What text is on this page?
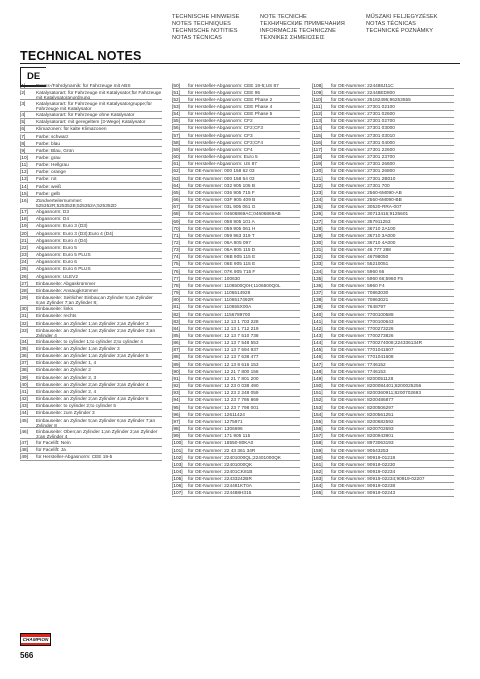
TECHNICAL NOTES
TECHNISCHE HINWEISE
NOTES TECHNIQUES
TECHNISCHE NOTITIES
NOTAS TÉCNICAS
NOTE TECNICHE
ТЕХНИЧЕСКИЕ ПРИМЕЧАНИЯ
INFORMACJE TECHNICZNE
ΤΕΧΝΙΚΕΣ ΣΗΜΕΙΩΣΕΙΣ
MŰSZAKI FELJEGYZÉSEK
NOTAS TÉCNICAS
TECHNICKÉ POZNÁMKY
DE
[1]	Brems-/Fahrdynamik: für Fahrzeuge mit ABS
[2]	Katalysatorart: für Fahrzeuge mit Katalysator;für Fahrzeuge mit Katalysatoranordnung
[3]	Katalysatorart: für Fahrzeuge mit Katalysatorgruppe;für Fahrzeuge mit Katalysator
[4]	Katalysatorart: für Fahrzeuge ohne Katalysator
[5]	Katalysatorart: mit geregeltem (3-Wege) Katalysator
[6]	Klimazonen: für kalte Klimazonen
[7]	Farbe: schwarz
[8]	Farbe: blau
[9]	Farbe: Blau, Grün
[10]	Farbe: grau
[11]	Farbe: Hellgrau
[12]	Farbe: orange
[13]	Farbe: rot
[14]	Farbe: weiß
[15]	Farbe: gelb
[16]	Zündverteilernummer: 525352R;525352B;525352A;525352D
[17]	Abgasnorm: D3
[18]	Abgasnorm: D4
[19]	Abgasnorm: Euro 3 (D3)
[20]	Abgasnorm: Euro 3 (D3);Euro 4 (D4)
[21]	Abgasnorm: Euro 4 (D4)
[22]	Abgasnorm: Euro 5
[23]	Abgasnorm: Euro 5 PLUS
[24]	Abgasnorm: Euro 6
[25]	Abgasnorm: Euro 6 PLUS
[26]	Abgasnorm: ULEV2
[27]	Einbauseite: Abgaskrümmer
[28]	Einbauseite: Ansaugkrümmer
[29]	Einbauseite: Seitlicher Einbau;an Zylinder 5;an Zylinder 6;an Zylinder 7;an Zylinder 8;
[30]	Einbauseite: links
[31]	Einbauseite: rechts
[32]	Einbauseite: an Zylinder 1;an Zylinder 2;an Zylinder 3
[33]	Einbauseite: an Zylinder 1;an Zylinder 2;an Zylinder 3;an Zylinder 4
[34]	Einbauseite: to cylinder 1;to cylinder 2;to cylinder 4
[35]	Einbauseite: an Zylinder 1;an Zylinder 3
[36]	Einbauseite: an Zylinder 1;an Zylinder 3;an Zylinder 5
[37]	Einbauseite: an Zylinder 1, 4
[38]	Einbauseite: an Zylinder 2
[39]	Einbauseite: an Zylinder 2, 3
[40]	Einbauseite: an Zylinder 2;an Zylinder 3;an Zylinder 4
[41]	Einbauseite: an Zylinder 2, 4
[42]	Einbauseite: an Zylinder 2;an Zylinder 4;an Zylinder 6
[43]	Einbauseite: to cylinder 2;to cylinder 5
[44]	Einbauseite: zum Zylinder 3
[45]	Einbauseite: an Zylinder 5;an Zylinder 6;an Zylinder 7;an Zylinder 8
[46]	Einbauseite: Oben;an Zylinder 1;an Zylinder 2;an Zylinder 3;an Zylinder 4
[47]	für Facelift: Nein
[48]	für Facelift: Ja
[49]	für Hersteller-Abgasnorm: CEE 19-5
[50]	für Hersteller-Abgasnorm: CEE 19-5;US 87
[51]	für Hersteller-Abgasnorm: CEE 95
[52]	für Hersteller-Abgasnorm: CEE Phase 2
[53]	für Hersteller-Abgasnorm: CEE Phase 4
[54]	für Hersteller-Abgasnorm: CEE Phase 5
[55]	für Hersteller-Abgasnorm: CF2
[56]	für Hersteller-Abgasnorm: CF2;CF3
[57]	für Hersteller-Abgasnorm: CF3
[58]	für Hersteller-Abgasnorm: CF3;CF4
[59]	für Hersteller-Abgasnorm: CF4
[60]	für Hersteller-Abgasnorm: Euro 5
[61]	für Hersteller-Abgasnorm: US 87
[62]	für OE-Nummer: 000 158 62 03
[63]	für OE-Nummer: 000 158 64 03
[64]	für OE-Nummer: 032 905 106 B
[65]	für OE-Nummer: 036 905 715 F
[66]	für OE-Nummer: 03F 905 409 B
[67]	für OE-Nummer: 03L 905 061 G
[68]	für OE-Nummer: 04606869AC;04606869AB
[69]	für OE-Nummer: 058 905 101 A
[70]	für OE-Nummer: 059 905 061 H
[71]	für OE-Nummer: 059 963 319 T
[72]	für OE-Nummer: 06A 905 097
[73]	für OE-Nummer: 06A 905 115 D
[74]	für OE-Nummer: 06B 905 115 E
[75]	für OE-Nummer: 06E 905 115 E
[76]	für OE-Nummer: 07K 905 715 F
[77]	für OE-Nummer: 100630
[78]	für OE-Nummer: 1106500Q0H;1106500Q0L
[79]	für OE-Nummer: 1106514928
[80]	für OE-Nummer: 1106517492R
[81]	für OE-Nummer: 110655X00A
[82]	für OE-Nummer: 1156789700
[83]	für OE-Nummer: 12 13 1 703 228
[84]	für OE-Nummer: 12 13 1 712 219
[85]	für OE-Nummer: 12 13 7 510 738
[86]	für OE-Nummer: 12 13 7 548 553
[87]	für OE-Nummer: 12 13 7 594 937
[88]	für OE-Nummer: 12 13 7 638 477
[89]	für OE-Nummer: 12 13 8 616 153
[90]	für OE-Nummer: 12 21 7 800 156
[91]	für OE-Nummer: 12 21 7 801 200
[92]	für OE-Nummer: 12 23 0 038 490
[93]	für OE-Nummer: 12 23 2 248 059
[94]	für OE-Nummer: 12 23 7 786 869
[95]	für OE-Nummer: 12 23 7 798 001
[96]	für OE-Nummer: 12611424
[97]	für OE-Nummer: 1275971
[98]	für OE-Nummer: 1306696
[99]	für OE-Nummer: 171 905 115
[100]	für OE-Nummer: 18550-80KA0
[101]	für OE-Nummer: 22 43 361 34R
[102]	für OE-Nummer: 22401000QL;22401000QK
[103]	für OE-Nummer: 22401000QK
[104]	für OE-Nummer: 22401CK81B
[105]	für OE-Nummer: 22433242BR
[106]	für OE-Nummer: 224481KT0A
[107]	für OE-Nummer: 224488H315
[108]	für OE-Nummer: 224488J11C
[109]	für OE-Nummer: 22448ED800
[110]	für OE-Nummer: 25182496;96253555
[111]	für OE-Nummer: 27301 02100
[112]	für OE-Nummer: 27301 02600
[113]	für OE-Nummer: 27301 02700
[114]	für OE-Nummer: 27301 03000
[115]	für OE-Nummer: 27301 03010
[116]	für OE-Nummer: 27301 04000
[117]	für OE-Nummer: 27301 22600
[118]	für OE-Nummer: 27301 23700
[119]	für OE-Nummer: 27301 26600
[120]	für OE-Nummer: 27301 26800
[121]	für OE-Nummer: 27301 2B010
[122]	für OE-Nummer: 27301 700
[123]	für OE-Nummer: 2560-6M090-AB
[124]	für OE-Nummer: 2560-6M090-BB
[125]	für OE-Nummer: 30520-RRA-007
[126]	für OE-Nummer: 30713416;9125601
[127]	für OE-Nummer: 357911253
[128]	für OE-Nummer: 36710 2A100
[129]	für OE-Nummer: 36710 3A000
[130]	für OE-Nummer: 36710 4A000
[131]	für OE-Nummer: 46 777 288
[132]	für OE-Nummer: 46798050
[133]	für OE-Nummer: 55210051
[134]	für OE-Nummer: 5960 66
[135]	für OE-Nummer: 5960 66;5960 F5
[136]	für OE-Nummer: 5960 F4
[137]	für OE-Nummer: 70863030
[138]	für OE-Nummer: 70863021
[139]	für OE-Nummer: 7648797
[140]	für OE-Nummer: 7700100589
[141]	für OE-Nummer: 7700100643
[142]	für OE-Nummer: 7700273226
[143]	für OE-Nummer: 7700273826
[144]	für OE-Nummer: 7700274008;224336134R
[145]	für OE-Nummer: 7701041607
[146]	für OE-Nummer: 7701041608
[147]	für OE-Nummer: 7746152
[148]	für OE-Nummer: 7746153
[149]	für OE-Nummer: 8200051128
[150]	für OE-Nummer: 8200084401;8200025256
[151]	für OE-Nummer: 8200360911;8200702693
[152]	für OE-Nummer: 8200486877
[153]	für OE-Nummer: 8200506297
[154]	für OE-Nummer: 8200561251
[155]	für OE-Nummer: 8200682592
[156]	für OE-Nummer: 8200702693
[157]	für OE-Nummer: 8200943901
[158]	für OE-Nummer: 8973063193
[159]	für OE-Nummer: 90543253
[160]	für OE-Nummer: 90919-01218
[161]	für OE-Nummer: 90919-02230
[162]	für OE-Nummer: 90919-02234
[163]	für OE-Nummer: 90919-02234;90919-02207
[164]	für OE-Nummer: 90919-02238
[165]	für OE-Nummer: 90919-02243
CHAMPION
566
